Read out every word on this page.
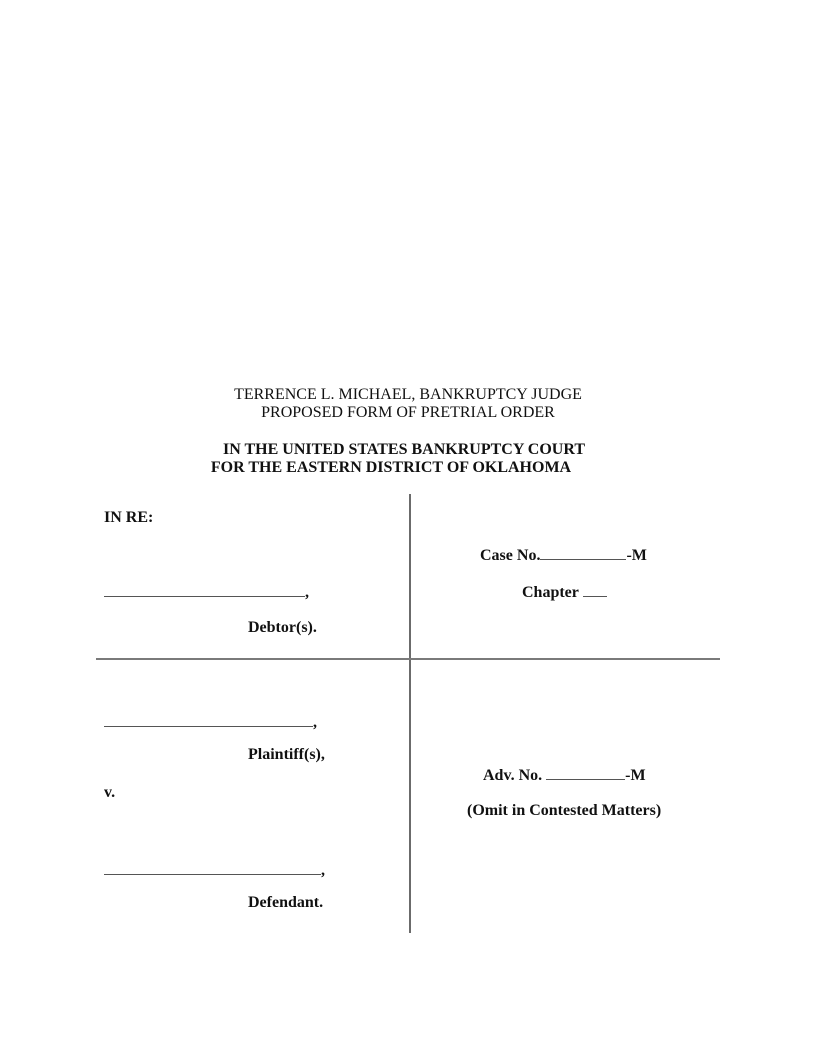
TERRENCE L. MICHAEL, BANKRUPTCY JUDGE
PROPOSED FORM OF PRETRIAL ORDER
IN THE UNITED STATES BANKRUPTCY COURT
FOR THE EASTERN DISTRICT OF OKLAHOMA
IN RE:
,
Debtor(s).
Case No.	-M
Chapter
,
Plaintiff(s),
v.
,
Defendant.
Adv. No.	-M
(Omit in Contested Matters)
